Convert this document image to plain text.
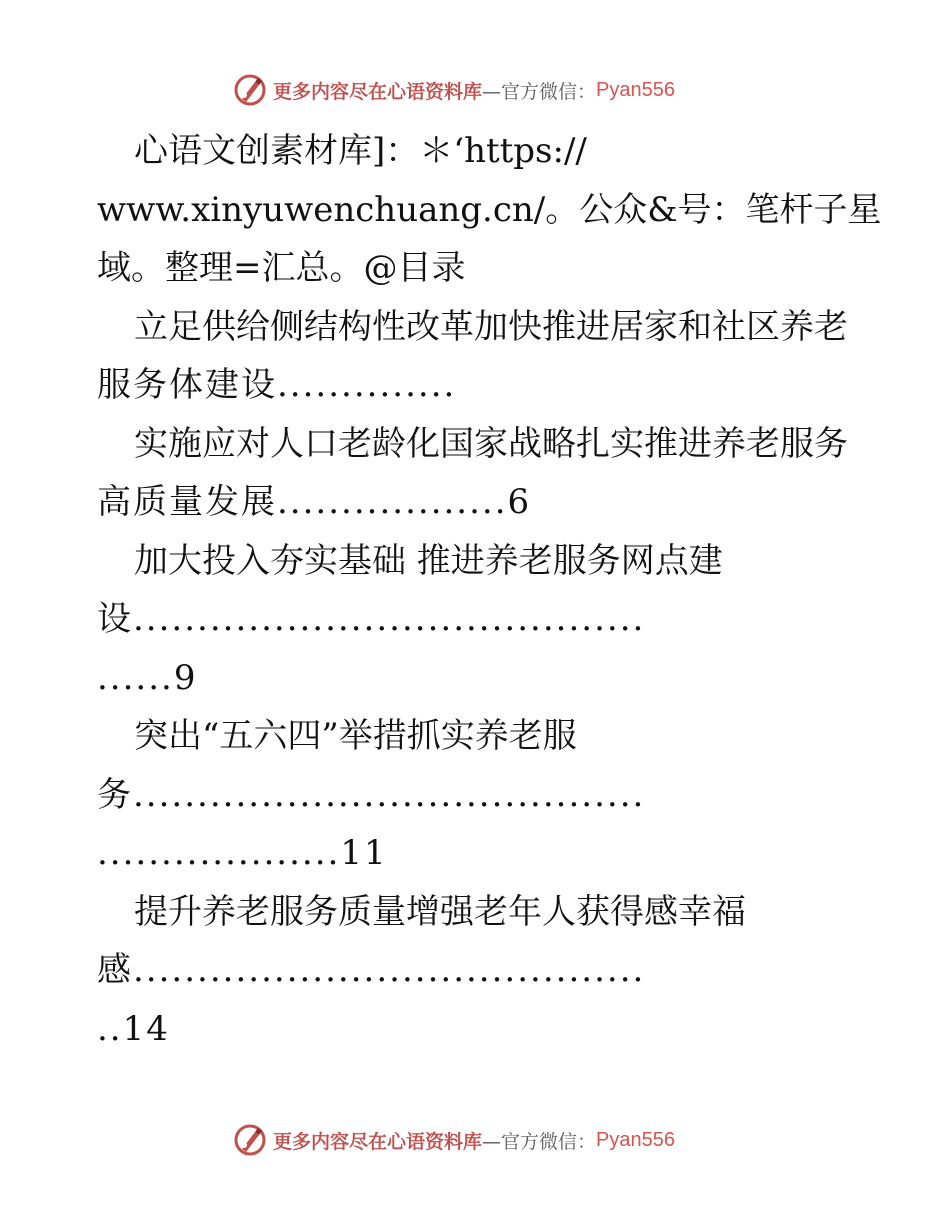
更多内容尽在心语资料库 —官方微信： Pyan556
心语文创素材库]：＊‘https://
www.xinyuwenchuang.cn/。公众&号：笔杆子星
域。整理=汇总。@目录
立足供给侧结构性改革加快推进居家和社区养老
服务体建设..............
实施应对人口老龄化国家战略扎实推进养老服务
高质量发展..................6
加大投入夯实基础 推进养老服务网点建
设........................................
......9
突出“五六四”举措抓实养老服
务........................................
...................11
提升养老服务质量增强老年人获得感幸福
感........................................
..14
更多内容尽在心语资料库 —官方微信： Pyan556
